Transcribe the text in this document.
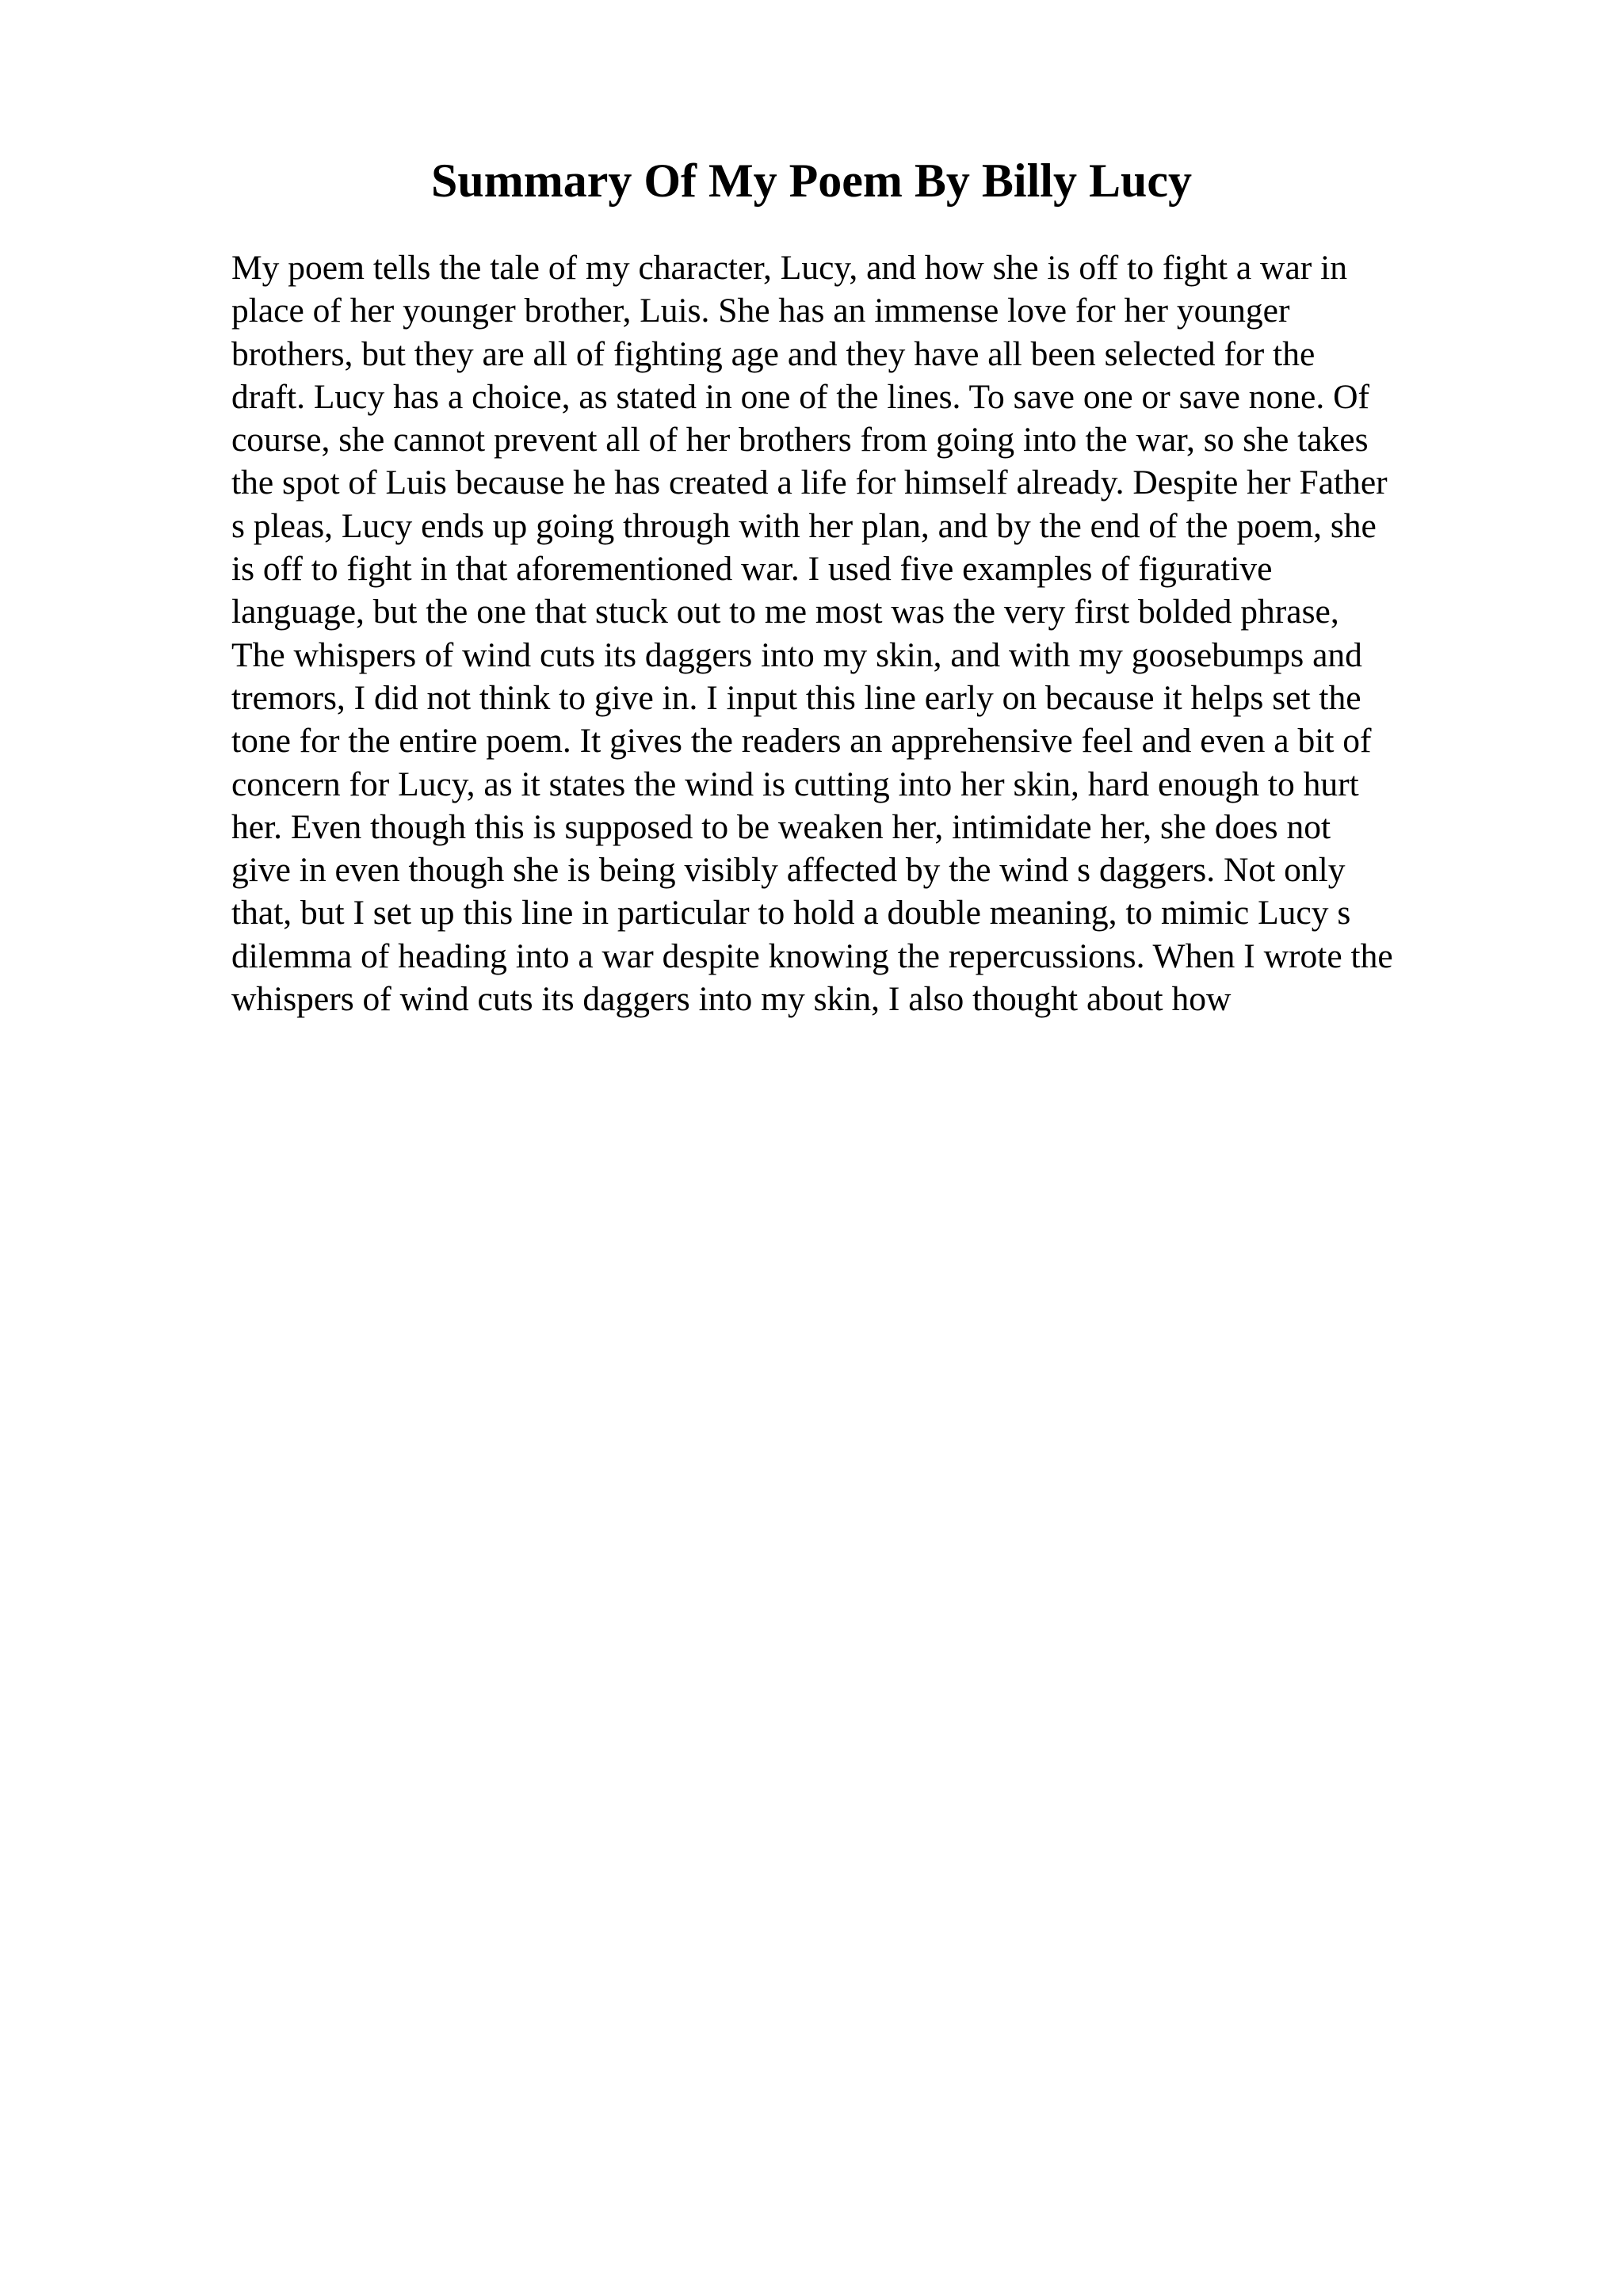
Summary Of My Poem By Billy Lucy
My poem tells the tale of my character, Lucy, and how she is off to fight a war in
place of her younger brother, Luis. She has an immense love for her younger
brothers, but they are all of fighting age and they have all been selected for the
draft. Lucy has a choice, as stated in one of the lines. To save one or save none. Of
course, she cannot prevent all of her brothers from going into the war, so she takes
the spot of Luis because he has created a life for himself already. Despite her Father
s pleas, Lucy ends up going through with her plan, and by the end of the poem, she
is off to fight in that aforementioned war. I used five examples of figurative
language, but the one that stuck out to me most was the very first bolded phrase,
The whispers of wind cuts its daggers into my skin, and with my goosebumps and
tremors, I did not think to give in. I input this line early on because it helps set the
tone for the entire poem. It gives the readers an apprehensive feel and even a bit of
concern for Lucy, as it states the wind is cutting into her skin, hard enough to hurt
her. Even though this is supposed to be weaken her, intimidate her, she does not
give in even though she is being visibly affected by the wind s daggers. Not only
that, but I set up this line in particular to hold a double meaning, to mimic Lucy s
dilemma of heading into a war despite knowing the repercussions. When I wrote the
whispers of wind cuts its daggers into my skin, I also thought about how
